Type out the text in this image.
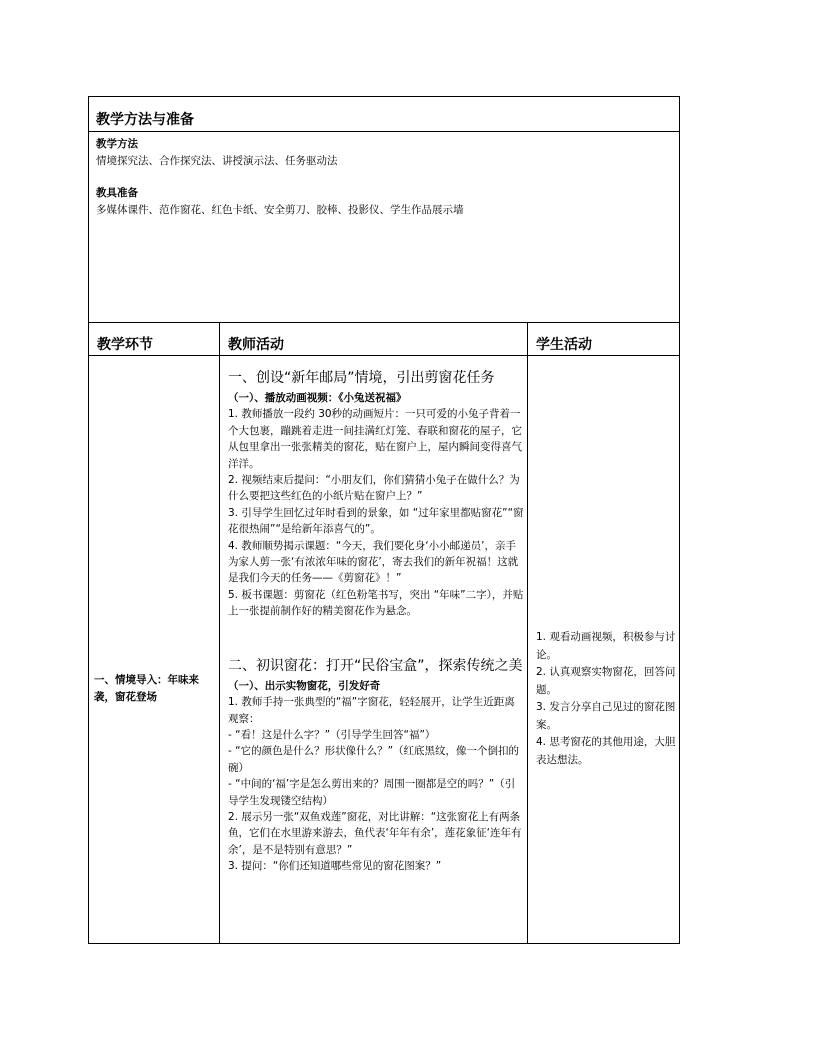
教学方法与准备
教学方法
情境探究法、合作探究法、讲授演示法、任务驱动法
教具准备
多媒体课件、范作窗花、红色卡纸、安全剪刀、胶棒、投影仪、学生作品展示墙
教学环节	教师活动	学生活动
一、情境导入：年味来袭，窗花登场
一、创设“新年邮局”情境，引出剪窗花任务
（一）、播放动画视频：《小兔送祝福》

1. 教师播放一段约 30秒的动画短片：一只可爱的小兔子背着一个大包裹，蹦跳着走进一间挂满红灯笼、春联和窗花的屋子，它从包里拿出一张张精美的窗花，贴在窗户上，屋内瞬间变得喜气洋洋。

2. 视频结束后提问：“小朋友们，你们猜猜小兔子在做什么？为什么要把这些红色的小纸片贴在窗户上？”

3. 引导学生回忆过年时看到的景象，如 “过年家里都贴窗花”“窗花很热闹”“是给新年添喜气的”。

4. 教师顺势揭示课题：“今天，我们要化身‘小小邮递员’，亲手为家人剪一张‘有浓浓年味的窗花’，寄去我们的新年祝福！这就是我们今天的任务——《剪窗花》！”

5. 板书课题：剪窗花（红色粉笔书写，突出 “年味”二字），并贴上一张提前制作好的精美窗花作为悬念。

二、初识窗花：打开“民俗宝盒”，探索传统之美
（一）、出示实物窗花，引发好奇

1. 教师手持一张典型的“福”字窗花，轻轻展开，让学生近距离观察：

- “看！这是什么字？”（引导学生回答“福”）

- “它的颜色是什么？形状像什么？”（红底黑纹，像一个倒扣的碗）

- “中间的‘福’字是怎么剪出来的？周围一圈都是空的吗？”（引导学生发现镂空结构）

2. 展示另一张“双鱼戏莲”窗花，对比讲解：“这张窗花上有两条鱼，它们在水里游来游去，鱼代表‘年年有余’，莲花象征‘连年有余’，是不是特别有意思？”

3. 提问：“你们还知道哪些常见的窗花图案？”

1. 观看动画视频，积极参与讨论。

2. 认真观察实物窗花，回答问题。

3. 发言分享自己见过的窗花图案。

4. 思考窗花的其他用途，大胆表达想法。
